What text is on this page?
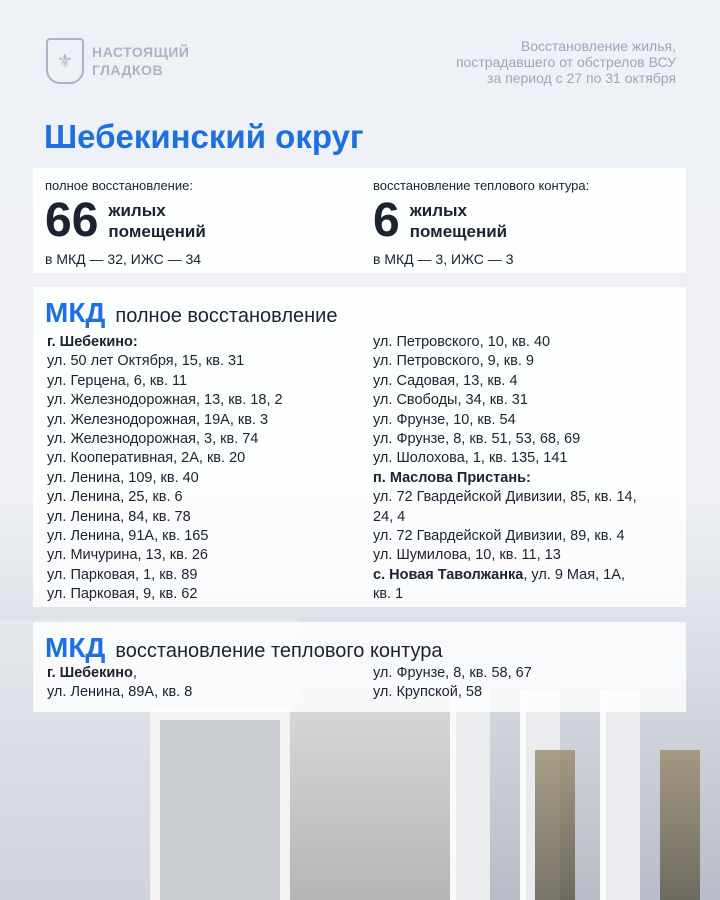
⚜	НАСТОЯЩИЙ
ГЛАДКОВ
Восстановление жилья,
пострадавшего от обстрелов ВСУ
за период с 27 по 31 октября
Шебекинский округ
полное восстановление:
66 жилых
помещений
в МКД — 32, ИЖС — 34
восстановление теплового контура:
6 жилых
помещений
в МКД — 3, ИЖС — 3
МКД полное восстановление
г. Шебекино:
ул. 50 лет Октября, 15, кв. 31
ул. Герцена, 6, кв. 11
ул. Железнодорожная, 13, кв. 18, 2
ул. Железнодорожная, 19А, кв. 3
ул. Железнодорожная, 3, кв. 74
ул. Кооперативная, 2А, кв. 20
ул. Ленина, 109, кв. 40
ул. Ленина, 25, кв. 6
ул. Ленина, 84, кв. 78
ул. Ленина, 91А, кв. 165
ул. Мичурина, 13, кв. 26
ул. Парковая, 1, кв. 89
ул. Парковая, 9, кв. 62
ул. Петровского, 10, кв. 40
ул. Петровского, 9, кв. 9
ул. Садовая, 13, кв. 4
ул. Свободы, 34, кв. 31
ул. Фрунзе, 10, кв. 54
ул. Фрунзе, 8, кв. 51, 53, 68, 69
ул. Шолохова, 1, кв. 135, 141
п. Маслова Пристань:
ул. 72 Гвардейской Дивизии, 85, кв. 14,
24, 4
ул. 72 Гвардейской Дивизии, 89, кв. 4
ул. Шумилова, 10, кв. 11, 13
с. Новая Таволжанка, ул. 9 Мая, 1А,
кв. 1
МКД восстановление теплового контура
г. Шебекино,
ул. Ленина, 89А, кв. 8
ул. Фрунзе, 8, кв. 58, 67
ул. Крупской, 58
